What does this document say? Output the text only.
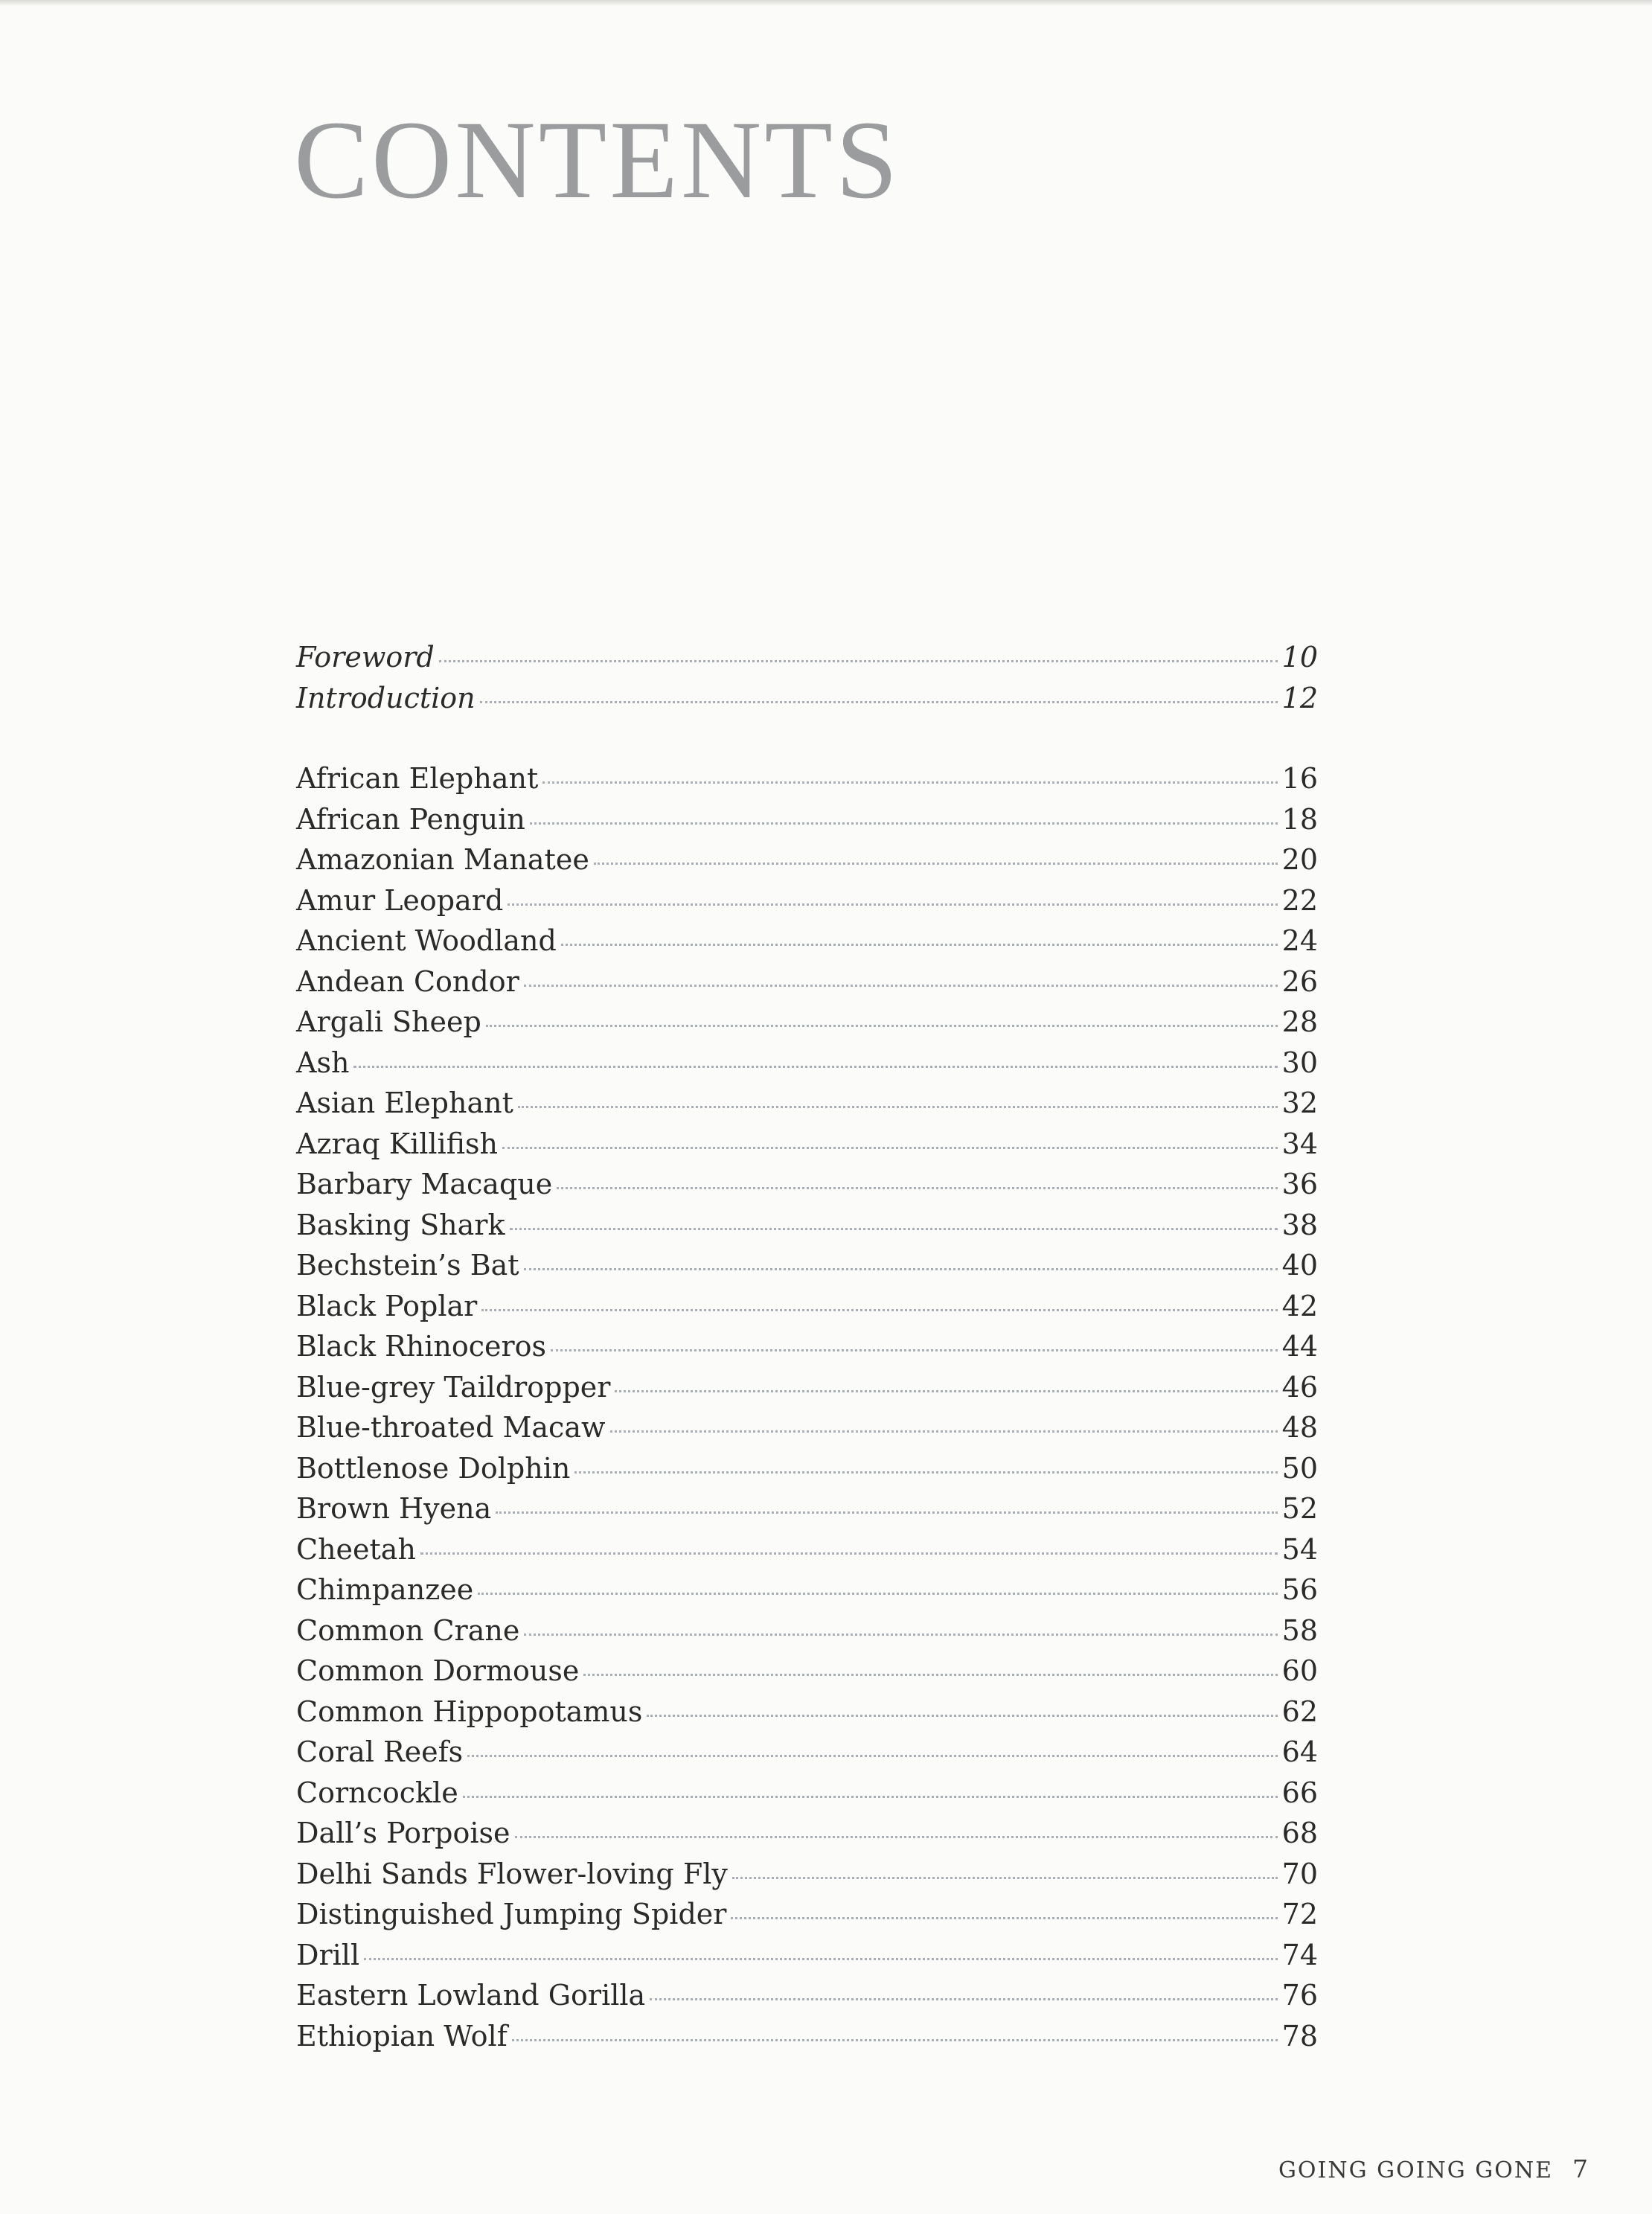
CONTENTS
Foreword	10
Introduction	12
African Elephant	16
African Penguin	18
Amazonian Manatee	20
Amur Leopard	22
Ancient Woodland	24
Andean Condor	26
Argali Sheep	28
Ash	30
Asian Elephant	32
Azraq Killifish	34
Barbary Macaque	36
Basking Shark	38
Bechstein’s Bat	40
Black Poplar	42
Black Rhinoceros	44
Blue-grey Taildropper	46
Blue-throated Macaw	48
Bottlenose Dolphin	50
Brown Hyena	52
Cheetah	54
Chimpanzee	56
Common Crane	58
Common Dormouse	60
Common Hippopotamus	62
Coral Reefs	64
Corncockle	66
Dall’s Porpoise	68
Delhi Sands Flower-loving Fly	70
Distinguished Jumping Spider	72
Drill	74
Eastern Lowland Gorilla	76
Ethiopian Wolf	78
GOING GOING GONE 7
